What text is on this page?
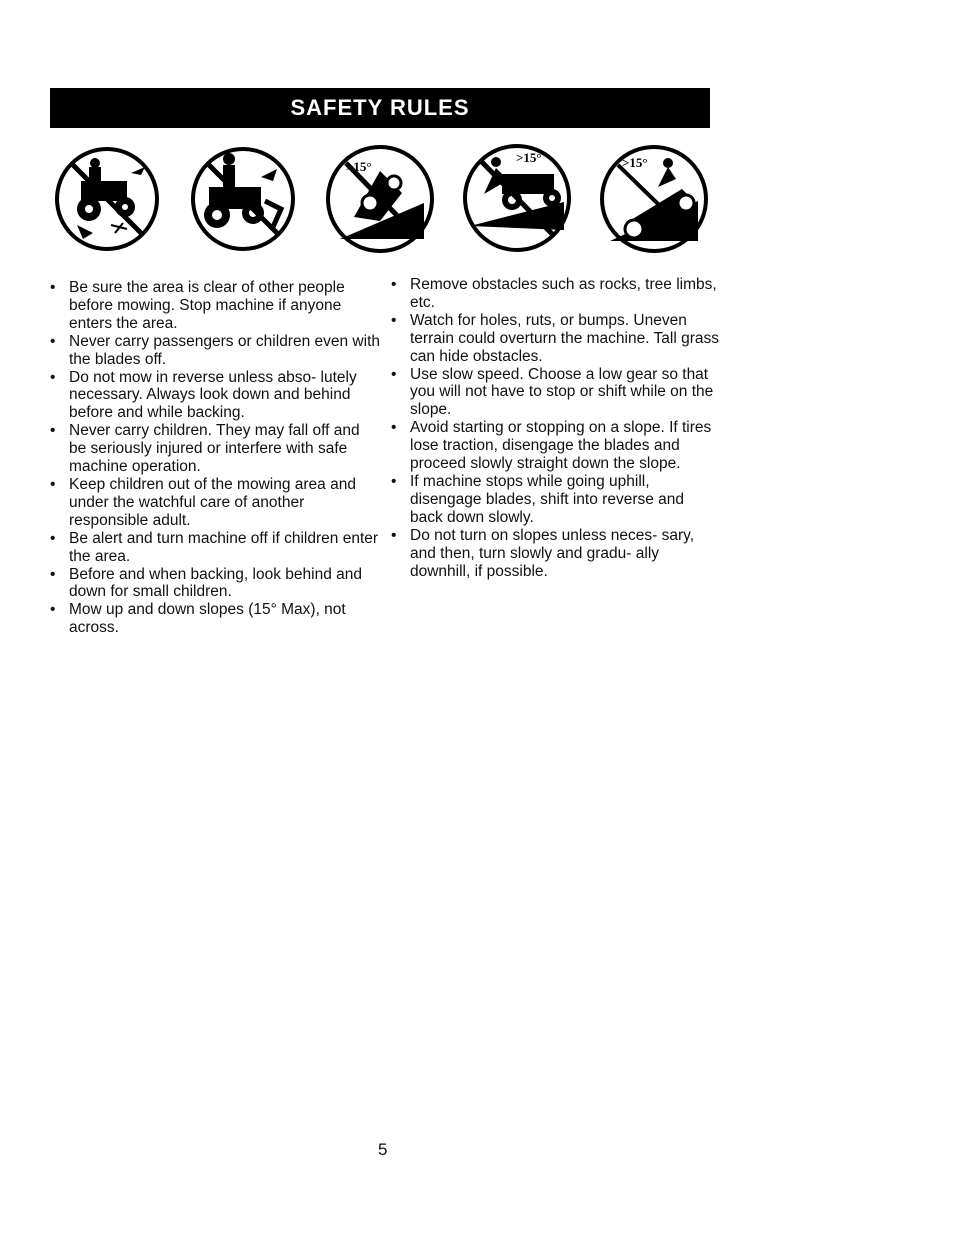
SAFETY RULES
>15°
>15°	>15°
• Be sure the area is clear of other people before mowing. Stop machine if anyone enters the area.
• Never carry passengers or children even with the blades off.
• Do not mow in reverse unless abso- lutely necessary. Always look down and behind before and while backing.
• Never carry children. They may fall off and be seriously injured or interfere with safe machine operation.
• Keep children out of the mowing area and under the watchful care of another responsible adult.
• Be alert and turn machine off if children enter the area.
• Before and when backing, look behind and down for small children.
• Mow up and down slopes (15° Max), not across.
• Remove obstacles such as rocks, tree limbs, etc.
• Watch for holes, ruts, or bumps. Uneven terrain could overturn the machine. Tall grass can hide obstacles.
• Use slow speed. Choose a low gear so that you will not have to stop or shift while on the slope.
• Avoid starting or stopping on a slope. If tires lose traction, disengage the blades and proceed slowly straight down the slope.
• If machine stops while going uphill, disengage blades, shift into reverse and back down slowly.
• Do not turn on slopes unless neces- sary, and then, turn slowly and gradu- ally downhill, if possible.
5
